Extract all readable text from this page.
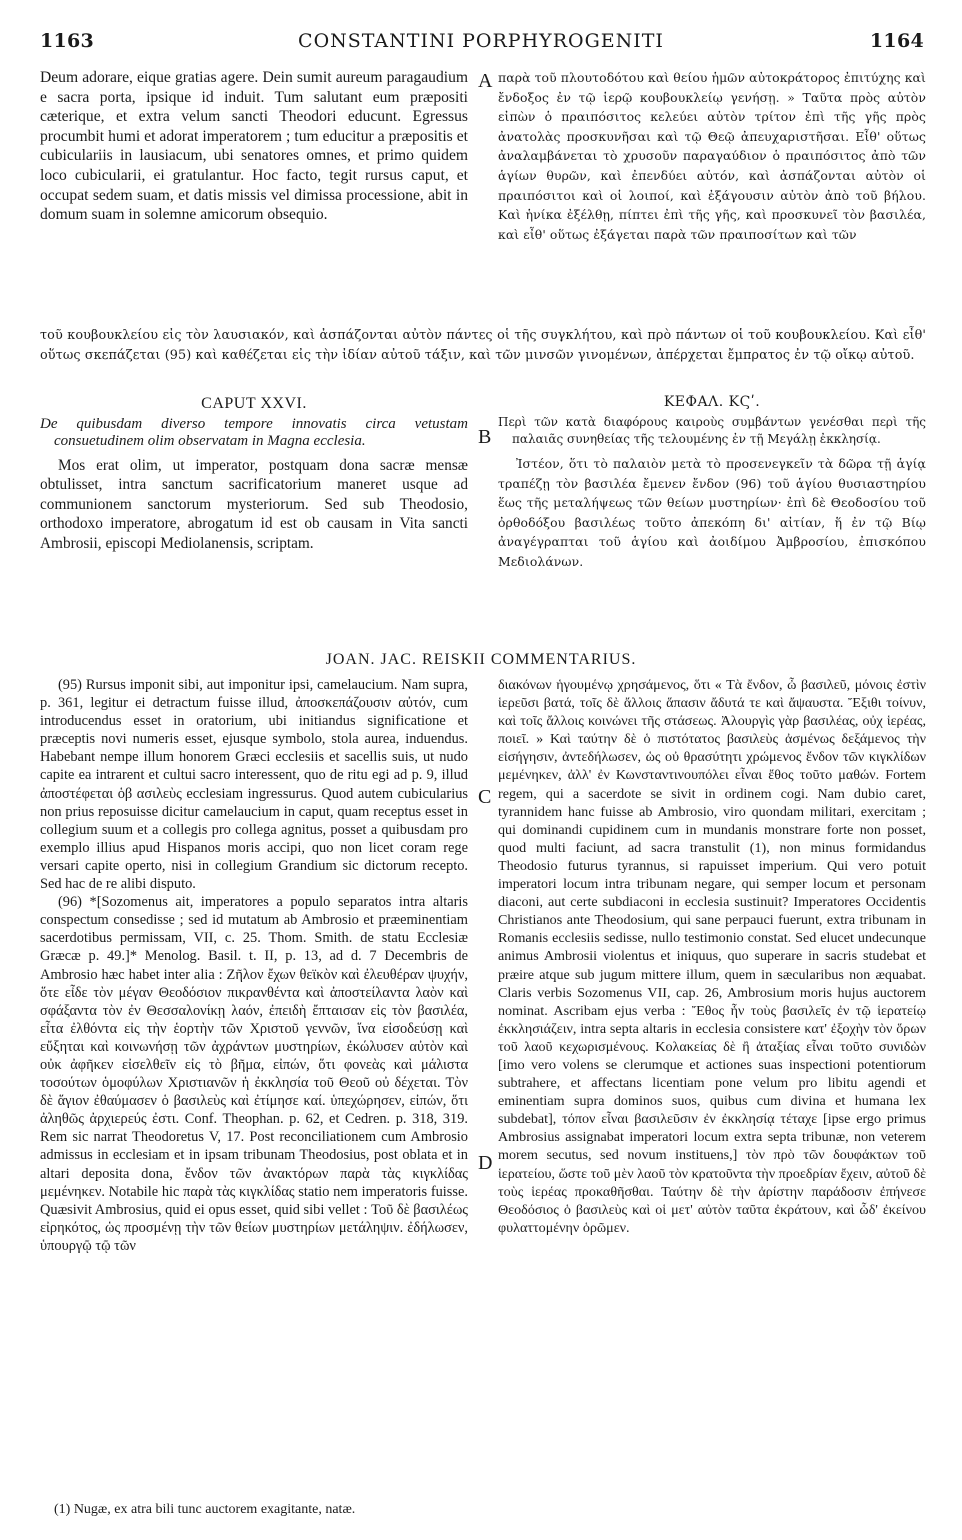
1163	CONSTANTINI PORPHYROGENITI	1164
A
B
C
D
Deum adorare, eique gratias agere. Dein sumit aureum paragaudium e sacra porta, ipsique id induit. Tum salutant eum præpositi cæterique, et extra velum sancti Theodori educunt. Egressus procumbit humi et adorat imperatorem ; tum educitur a præpositis et cubiculariis in lausiacum, ubi senatores omnes, et primo quidem loco cubicularii, ei gratulantur. Hoc facto, tegit rursus caput, et occupat sedem suam, et datis missis vel dimissa processione, abit in domum suam in solemne amicorum obsequio.
παρὰ τοῦ πλουτοδότου καὶ θείου ἡμῶν αὐτοκράτορος ἐπιτύχης καὶ ἔνδοξος ἐν τῷ ἱερῷ κουβουκλείῳ γενήσῃ. » Ταῦτα πρὸς αὐτὸν εἰπὼν ὁ πραιπόσιτος κελεύει αὐτὸν τρίτον ἐπὶ τῆς γῆς πρὸς ἀνατολὰς προσκυνῆσαι καὶ τῷ Θεῷ ἀπευχαριστῆσαι. Εἶθ' οὕτως ἀναλαμβάνεται τὸ χρυσοῦν παραγαύδιον ὁ πραιπόσιτος ἀπὸ τῶν ἁγίων θυρῶν, καὶ ἐπενδύει αὐτόν, καὶ ἀσπάζονται αὐτὸν οἱ πραιπόσιτοι καὶ οἱ λοιποί, καὶ ἐξάγουσιν αὐτὸν ἀπὸ τοῦ βήλου. Καὶ ἡνίκα ἐξέλθῃ, πίπτει ἐπὶ τῆς γῆς, καὶ προσκυνεῖ τὸν βασιλέα, καὶ εἶθ' οὕτως ἐξάγεται παρὰ τῶν πραιποσίτων καὶ τῶν
τοῦ κουβουκλείου εἰς τὸν λαυσιακόν, καὶ ἀσπάζονται αὐτὸν πάντες οἱ τῆς συγκλήτου, καὶ πρὸ πάντων οἱ τοῦ κουβουκλείου. Καὶ εἶθ' οὕτως σκεπάζεται (95) καὶ καθέζεται εἰς τὴν ἰδίαν αὐτοῦ τάξιν, καὶ τῶν μινσῶν γινομένων, ἀπέρχεται ἔμπρατος ἐν τῷ οἴκῳ αὐτοῦ.
CAPUT XXVI.
De quibusdam diverso tempore innovatis circa vetustam consuetudinem olim observatam in Magna ecclesia.
Mos erat olim, ut imperator, postquam dona sacræ mensæ obtulisset, intra sanctum sacrificatorium maneret usque ad communionem sanctorum mysteriorum. Sed sub Theodosio, orthodoxo imperatore, abrogatum id est ob causam in Vita sancti Ambrosii, episcopi Mediolanensis, scriptam.
ΚΕΦΑΛ. ΚϚʹ.
Περὶ τῶν κατὰ διαφόρους καιροὺς συμβάντων γενέσθαι περὶ τῆς παλαιᾶς συνηθείας τῆς τελουμένης ἐν τῇ Μεγάλῃ ἐκκλησίᾳ.
Ἰστέον, ὅτι τὸ παλαιὸν μετὰ τὸ προσενεγκεῖν τὰ δῶρα τῇ ἁγίᾳ τραπέζῃ τὸν βασιλέα ἔμενεν ἔνδον (96) τοῦ ἁγίου θυσιαστηρίου ἕως τῆς μεταλήψεως τῶν θείων μυστηρίων· ἐπὶ δὲ Θεοδοσίου τοῦ ὀρθοδόξου βασιλέως τοῦτο ἀπεκόπη δι' αἰτίαν, ἥ ἐν τῷ Βίῳ ἀναγέγραπται τοῦ ἁγίου καὶ ἀοιδίμου Ἀμβροσίου, ἐπισκόπου Μεδιολάνων.
JOAN. JAC. REISKII COMMENTARIUS.
(95) Rursus imponit sibi, aut imponitur ipsi, camelaucium. Nam supra, p. 361, legitur ei detractum fuisse illud, ἀποσκεπάζουσιν αὐτόν, cum introducendus esset in oratorium, ubi initiandus significatione et præceptis novi numeris esset, ejusque symbolo, stola aurea, induendus. Habebant nempe illum honorem Græci ecclesiis et sacellis suis, ut nudo capite ea intrarent et cultui sacro interessent, quo de ritu egi ad p. 9, illud ἀποστέφεται ὁβ ασιλεὺς ecclesiam ingressurus. Quod autem cubicularius non prius reposuisse dicitur camelaucium in caput, quam receptus esset in collegium suum et a collegis pro collega agnitus, posset a quibusdam pro exemplo illius apud Hispanos moris accipi, quo non licet coram rege versari capite operto, nisi in collegium Grandium sic dictorum recepto. Sed hac de re alibi disputo.
(96) *[Sozomenus ait, imperatores a populo separatos intra altaris conspectum consedisse ; sed id mutatum ab Ambrosio et præeminentiam sacerdotibus permissam, VII, c. 25. Thom. Smith. de statu Ecclesiæ Græcæ p. 49.]* Menolog. Basil. t. II, p. 13, ad d. 7 Decembris de Ambrosio hæc habet inter alia : Ζῆλον ἔχων θεϊκὸν καὶ ἐλευθέραν ψυχήν, ὅτε εἶδε τὸν μέγαν Θεοδόσιον πικρανθέντα καὶ ἀποστείλαντα λαὸν καὶ σφάξαντα τὸν ἐν Θεσσαλονίκῃ λαόν, ἐπειδὴ ἔπταισαν εἰς τὸν βασιλέα, εἶτα ἐλθόντα εἰς τὴν ἑορτὴν τῶν Χριστοῦ γεννῶν, ἵνα εἰσοδεύσῃ καὶ εὔξηται καὶ κοινωνήσῃ τῶν ἀχράντων μυστηρίων, ἐκώλυσεν αὐτὸν καὶ οὐκ ἀφῆκεν εἰσελθεῖν εἰς τὸ βῆμα, εἰπών, ὅτι φονεὰς καὶ μάλιστα τοσούτων ὁμοφύλων Χριστιανῶν ἡ ἐκκλησία τοῦ Θεοῦ οὐ δέχεται. Τὸν δὲ ἅγιον ἐθαύμασεν ὁ βασιλεὺς καὶ ἐτίμησε καί. ὑπεχώρησεν, εἰπών, ὅτι ἀληθῶς ἀρχιερεύς ἐστι. Conf. Theophan. p. 62, et Cedren. p. 318, 319. Rem sic narrat Theodoretus V, 17. Post reconciliationem cum Ambrosio admissus in ecclesiam et in ipsam tribunam Theodosius, post oblata et in altari deposita dona, ἔνδον τῶν ἀνακτόρων παρὰ τὰς κιγκλίδας μεμένηκεν. Notabile hic παρὰ τὰς κιγκλίδας statio nem imperatoris fuisse. Quæsivit Ambrosius, quid ei opus esset, quid sibi vellet : Τοῦ δὲ βασιλέως εἰρηκότος, ὡς προσμένῃ τὴν τῶν θείων μυστηρίων μετάληψιν. ἐδήλωσεν, ὑπουργῷ τῷ τῶν
διακόνων ἡγουμένῳ χρησάμενος, ὅτι « Τὰ ἔνδον, ὦ βασιλεῦ, μόνοις ἐστὶν ἱερεῦσι βατά, τοῖς δὲ ἄλλοις ἅπασιν ἄδυτά τε καὶ ἄψαυστα. Ἔξιθι τοίνυν, καὶ τοῖς ἄλλοις κοινώνει τῆς στάσεως. Ἀλουργὶς γὰρ βασιλέας, οὐχ ἱερέας, ποιεῖ. » Καὶ ταύτην δὲ ὁ πιστότατος βασιλεὺς ἀσμένως δεξάμενος τὴν εἰσήγησιν, ἀντεδήλωσεν, ὡς οὐ θρασύτητι χρώμενος ἔνδον τῶν κιγκλίδων μεμένηκεν, ἀλλ' ἐν Κωνσταντινουπόλει εἶναι ἔθος τοῦτο μαθών. Fortem regem, qui a sacerdote se sivit in ordinem cogi. Nam dubio caret, tyrannidem hanc fuisse ab Ambrosio, viro quondam militari, exercitam ; qui dominandi cupidinem cum in mundanis monstrare forte non posset, quod multi faciunt, ad sacra transtulit (1), non minus formidandus Theodosio futurus tyrannus, si rapuisset imperium. Qui vero potuit imperatori locum intra tribunam negare, qui semper locum et personam diaconi, aut certe subdiaconi in ecclesia sustinuit? Imperatores Occidentis Christianos ante Theodosium, qui sane perpauci fuerunt, extra tribunam in Romanis ecclesiis sedisse, nullo testimonio constat. Sed elucet undecunque animus Ambrosii violentus et iniquus, quo superare in sacris studebat et præire atque sub jugum mittere illum, quem in sæcularibus non æquabat. Claris verbis Sozomenus VII, cap. 26, Ambrosium moris hujus auctorem nominat. Ascribam ejus verba : Ἔθος ἦν τοὺς βασιλεῖς ἐν τῷ ἱερατείῳ ἐκκλησιάζειν, intra septa altaris in ecclesia consistere κατ' ἐξοχὴν τὸν ὅρων τοῦ λαοῦ κεχωρισμένους. Κολακείας δὲ ἢ ἀταξίας εἶναι τοῦτο συνιδὼν [imo vero volens se clerumque et actiones suas inspectioni potentiorum subtrahere, et affectans licentiam pone velum pro libitu agendi et eminentiam supra dominos suos, quibus cum divina et humana lex subdebat], τόπον εἶναι βασιλεῦσιν ἐν ἐκκλησίᾳ τέταχε [ipse ergo primus Ambrosius assignabat imperatori locum extra septa tribunæ, non veterem morem secutus, sed novum instituens,] τὸν πρὸ τῶν δουφάκτων τοῦ ἱερατείου, ὥστε τοῦ μὲν λαοῦ τὸν κρατοῦντα τὴν προεδρίαν ἔχειν, αὐτοῦ δὲ τοὺς ἱερέας προκαθῆσθαι. Ταύτην δὲ τὴν ἀρίστην παράδοσιν ἐπήνεσε Θεοδόσιος ὁ βασιλεὺς καὶ οἱ μετ' αὐτὸν ταῦτα ἐκράτουν, καὶ ὧδ' ἐκείνου φυλαττομένην ὁρῶμεν.
(1) Nugæ, ex atra bili tunc auctorem exagitante, natæ.
